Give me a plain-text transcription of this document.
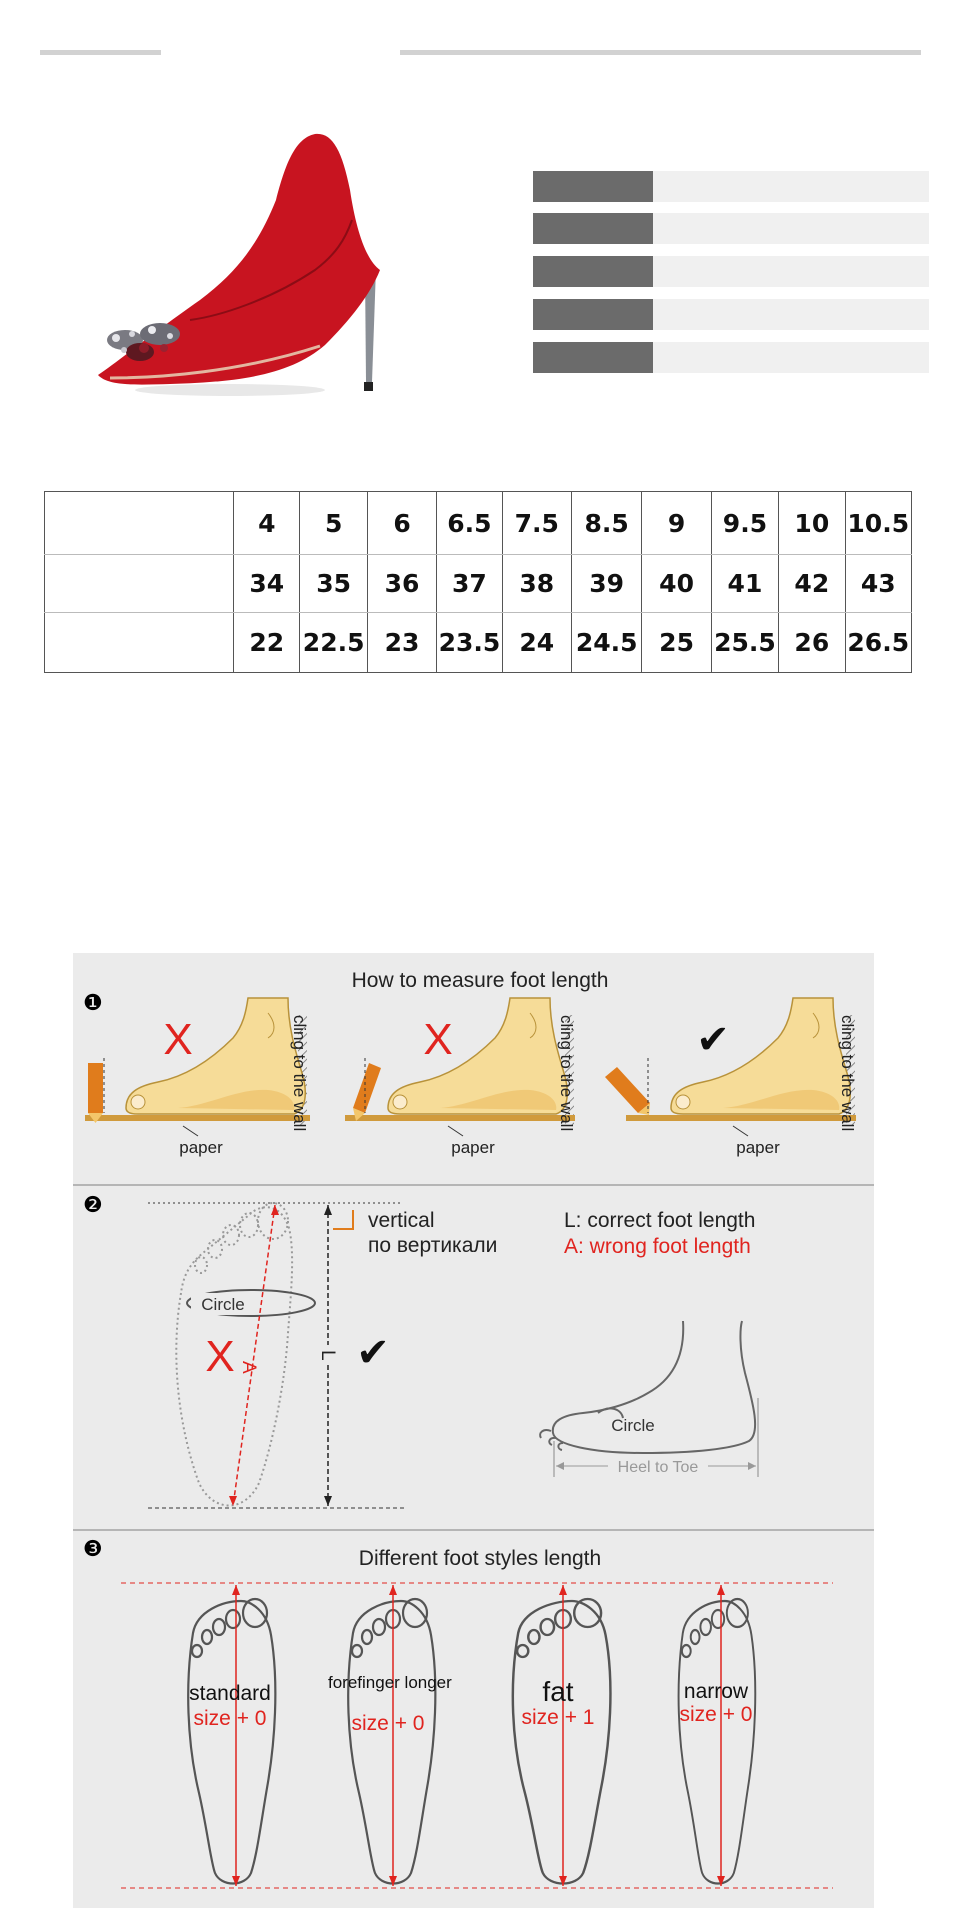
	4	5	6	6.5	7.5	8.5	9	9.5	10	10.5
	34	35	36	37	38	39	40	41	42	43
	22	22.5	23	23.5	24	24.5	25	25.5	26	26.5
❶
How to measure foot length
X
paper
cling to the wall	X
paper
cling to the wall	✔
paper
cling to the wall
❷
Circle
A
X	L ✔
vertical
по вертикали
L: correct foot length
A: wrong foot length
Circle
Heel to Toe
❸	Different foot styles length
standard
size + 0
forefinger longer
size + 0
fat
size + 1
narrow
size + 0
